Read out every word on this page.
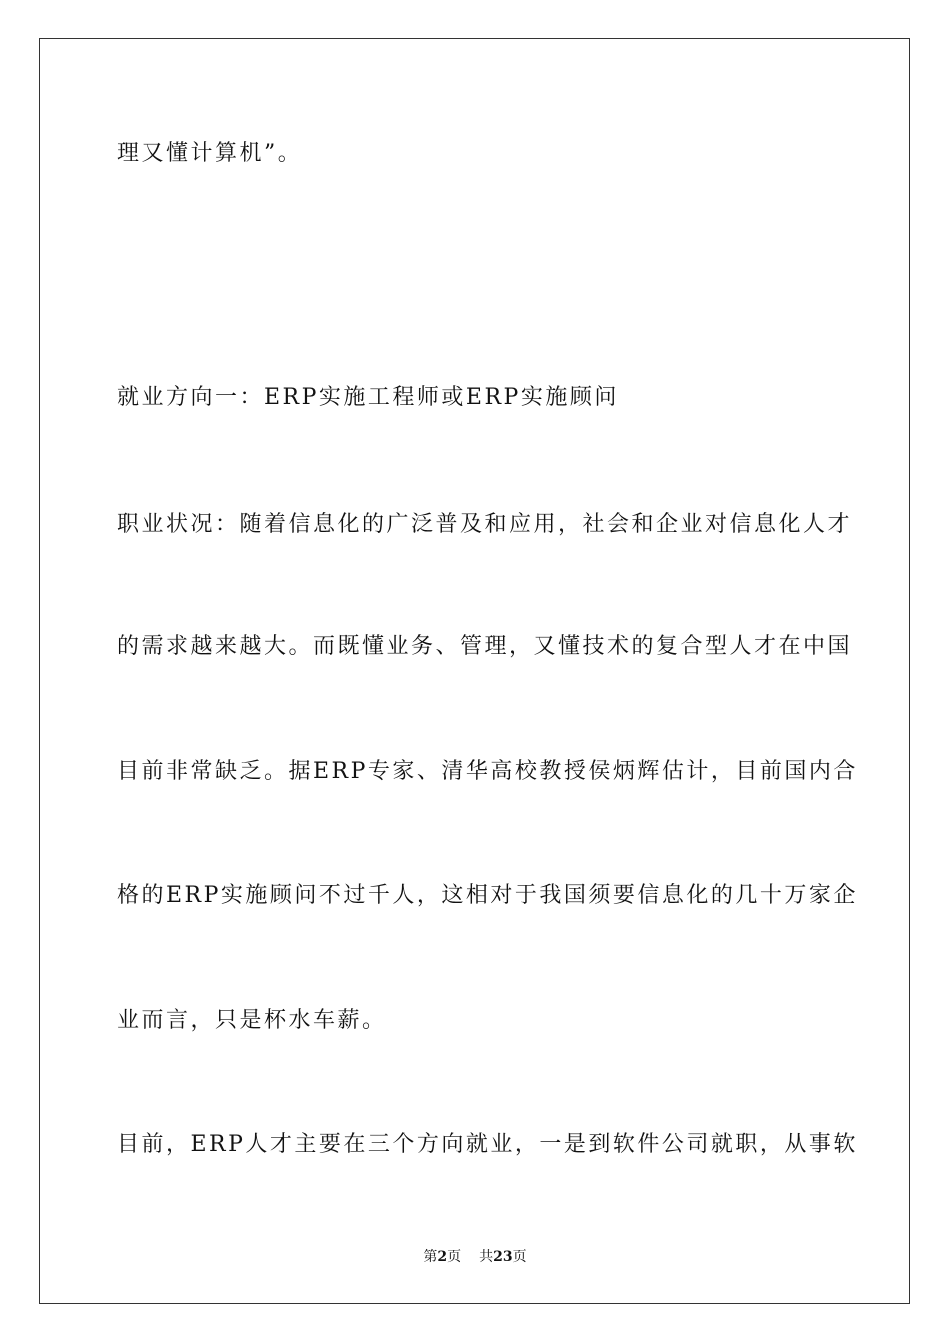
理又懂计算机”。
就业方向一：ERP实施工程师或ERP实施顾问
职业状况：随着信息化的广泛普及和应用，社会和企业对信息化人才
的需求越来越大。而既懂业务、管理，又懂技术的复合型人才在中国
目前非常缺乏。据ERP专家、清华高校教授侯炳辉估计，目前国内合
格的ERP实施顾问不过千人，这相对于我国须要信息化的几十万家企
业而言，只是杯水车薪。
目前，ERP人才主要在三个方向就业，一是到软件公司就职，从事软
第2页 共23页
